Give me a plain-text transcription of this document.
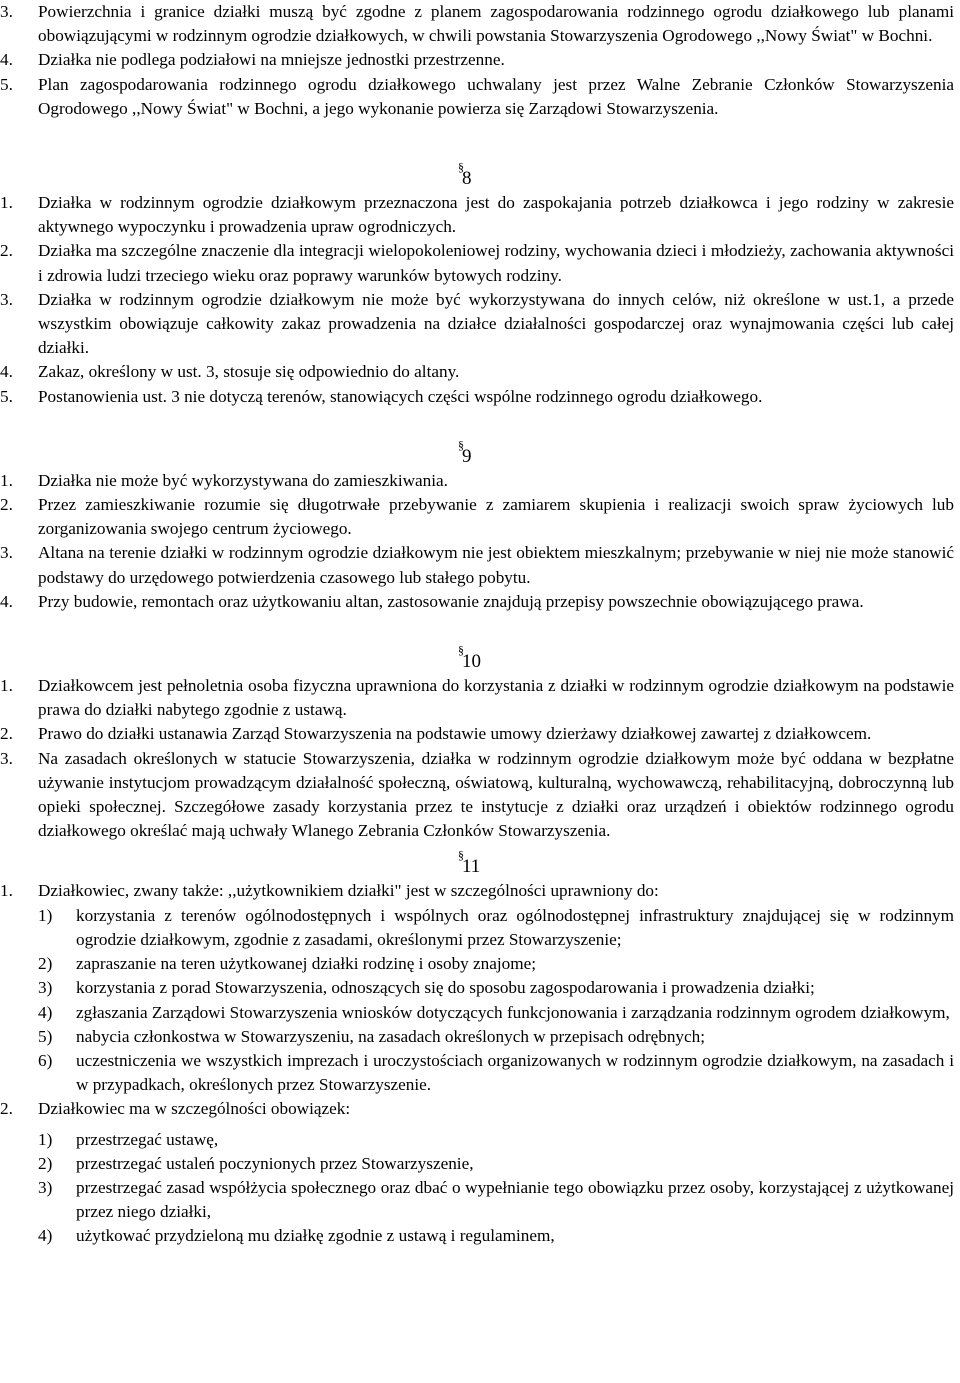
3. Powierzchnia i granice działki muszą być zgodne z planem zagospodarowania rodzinnego ogrodu działkowego lub planami obowiązującymi w rodzinnym ogrodzie działkowych, w chwili powstania Stowarzyszenia Ogrodowego ,,Nowy Świat" w Bochni.
4. Działka nie podlega podziałowi na mniejsze jednostki przestrzenne.
5. Plan zagospodarowania rodzinnego ogrodu działkowego uchwalany jest przez Walne Zebranie Członków Stowarzyszenia Ogrodowego ,,Nowy Świat" w Bochni, a jego wykonanie powierza się Zarządowi Stowarzyszenia.
§
8
1. Działka w rodzinnym ogrodzie działkowym przeznaczona jest do zaspokajania potrzeb działkowca i jego rodziny w zakresie aktywnego wypoczynku i prowadzenia upraw ogrodniczych.
2. Działka ma szczególne znaczenie dla integracji wielopokoleniowej rodziny, wychowania dzieci i młodzieży, zachowania aktywności i zdrowia ludzi trzeciego wieku oraz poprawy warunków bytowych rodziny.
3. Działka w rodzinnym ogrodzie działkowym nie może być wykorzystywana do innych celów, niż określone w ust.1, a przede wszystkim obowiązuje całkowity zakaz prowadzenia na działce działalności gospodarczej oraz wynajmowania części lub całej działki.
4. Zakaz, określony w ust. 3, stosuje się odpowiednio do altany.
5. Postanowienia ust. 3 nie dotyczą terenów, stanowiących części wspólne rodzinnego ogrodu działkowego.
§
9
1. Działka nie może być wykorzystywana do zamieszkiwania.
2. Przez zamieszkiwanie rozumie się długotrwałe przebywanie z zamiarem skupienia i realizacji swoich spraw życiowych lub zorganizowania swojego centrum życiowego.
3. Altana na terenie działki w rodzinnym ogrodzie działkowym nie jest obiektem mieszkalnym; przebywanie w niej nie może stanowić podstawy do urzędowego potwierdzenia czasowego lub stałego pobytu.
4. Przy budowie, remontach oraz użytkowaniu altan, zastosowanie znajdują przepisy powszechnie obowiązującego prawa.
§
10
1. Działkowcem jest pełnoletnia osoba fizyczna uprawniona do korzystania z działki w rodzinnym ogrodzie działkowym na podstawie prawa do działki nabytego zgodnie z ustawą.
2. Prawo do działki ustanawia Zarząd Stowarzyszenia na podstawie umowy dzierżawy działkowej zawartej z działkowcem.
3. Na zasadach określonych w statucie Stowarzyszenia, działka w rodzinnym ogrodzie działkowym może być oddana w bezpłatne używanie instytucjom prowadzącym działalność społeczną, oświatową, kulturalną, wychowawczą, rehabilitacyjną, dobroczynną lub opieki społecznej. Szczegółowe zasady korzystania przez te instytucje z działki oraz urządzeń i obiektów rodzinnego ogrodu działkowego określać mają uchwały Wlanego Zebrania Członków Stowarzyszenia.
§
11
1. Działkowiec, zwany także: ,,użytkownikiem działki" jest w szczególności uprawniony do:
1) korzystania z terenów ogólnodostępnych i wspólnych oraz ogólnodostępnej infrastruktury znajdującej się w rodzinnym ogrodzie działkowym, zgodnie z zasadami, określonymi przez Stowarzyszenie;
2) zapraszanie na teren użytkowanej działki rodzinę i osoby znajome;
3) korzystania z porad Stowarzyszenia, odnoszących się do sposobu zagospodarowania i prowadzenia działki;
4) zgłaszania Zarządowi Stowarzyszenia wniosków dotyczących funkcjonowania i zarządzania rodzinnym ogrodem działkowym,
5) nabycia członkostwa w Stowarzyszeniu, na zasadach określonych w przepisach odrębnych;
6) uczestniczenia we wszystkich imprezach i uroczystościach organizowanych w rodzinnym ogrodzie działkowym, na zasadach i w przypadkach, określonych przez Stowarzyszenie.
2. Działkowiec ma w szczególności obowiązek:
1) przestrzegać ustawę,
2) przestrzegać ustaleń poczynionych przez Stowarzyszenie,
3) przestrzegać zasad współżycia społecznego oraz dbać o wypełnianie tego obowiązku przez osoby, korzystającej z użytkowanej przez niego działki,
4) użytkować przydzieloną mu działkę zgodnie z ustawą i regulaminem,
